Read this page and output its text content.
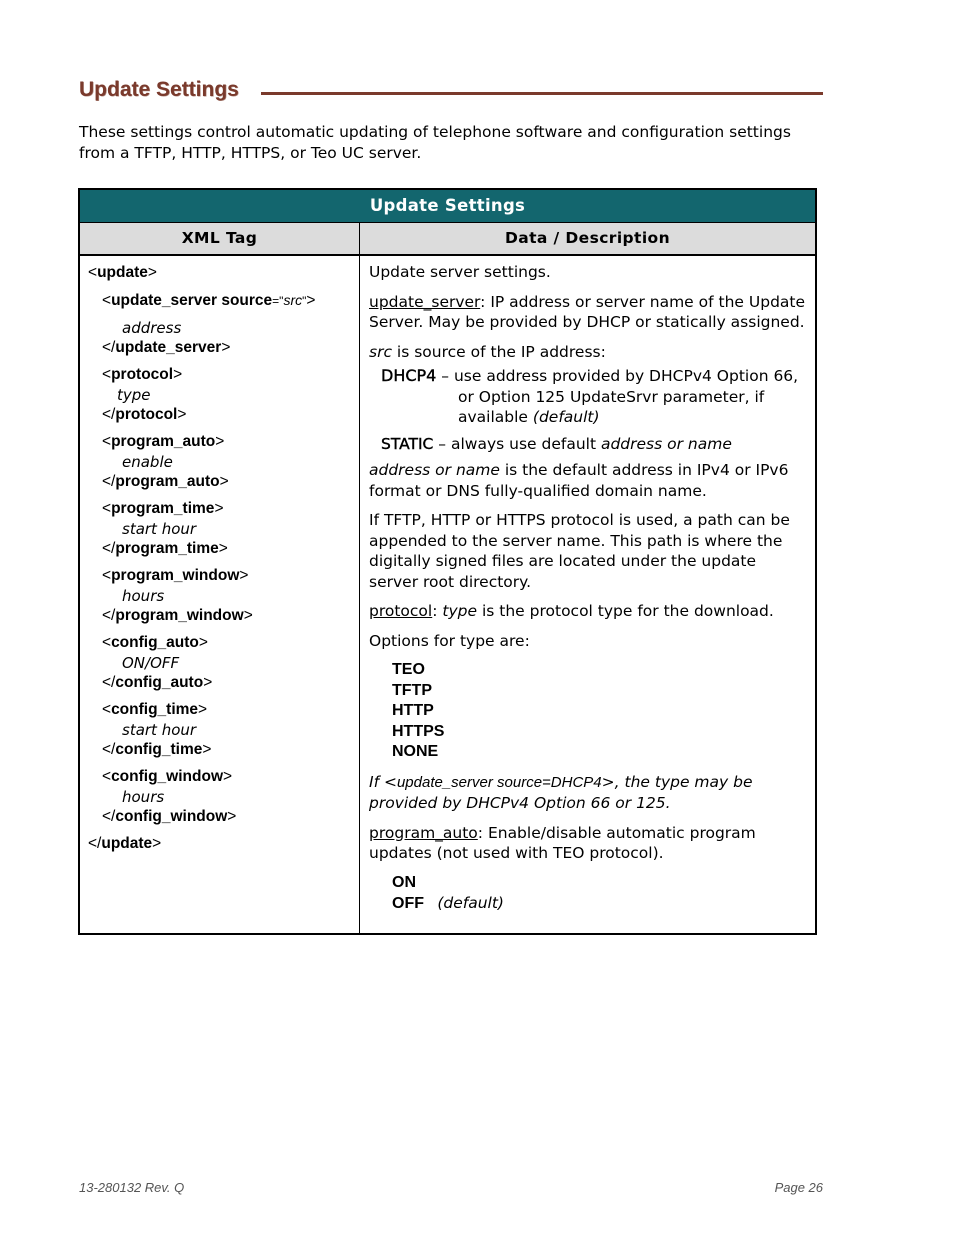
Update Settings
These settings control automatic updating of telephone software and configuration settings from a TFTP, HTTP, HTTPS, or Teo UC server.
Update Settings
XML Tag	Data / Description

<update>

<update_server source="src">

address

</update_server>

<protocol>

type

</protocol>

<program_auto>

enable

</program_auto>

<program_time>

start hour

</program_time>

<program_window>

hours

</program_window>

<config_auto>

ON/OFF

</config_auto>

<config_time>

start hour

</config_time>

<config_window>

hours

</config_window>

</update>

Update server settings.

update_server: IP address or server name of the Update Server. May be provided by DHCP or statically assigned.

src is source of the IP address:

DHCP4 – use address provided by DHCPv4 Option 66, or Option 125 UpdateSrvr parameter, if available (default)

STATIC – always use default address or name

address or name is the default address in IPv4 or IPv6 format or DNS fully-qualified domain name.

If TFTP, HTTP or HTTPS protocol is used, a path can be appended to the server name. This path is where the digitally signed files are located under the update server root directory.

protocol: type is the protocol type for the download.

Options for type are:

TEO
TFTP
HTTP
HTTPS
NONE

If <update_server source=DHCP4>, the type may be provided by DHCPv4 Option 66 or 125.

program_auto: Enable/disable automatic program updates (not used with TEO protocol).

ON
OFF (default)
13-280132 Rev. Q	Page 26
